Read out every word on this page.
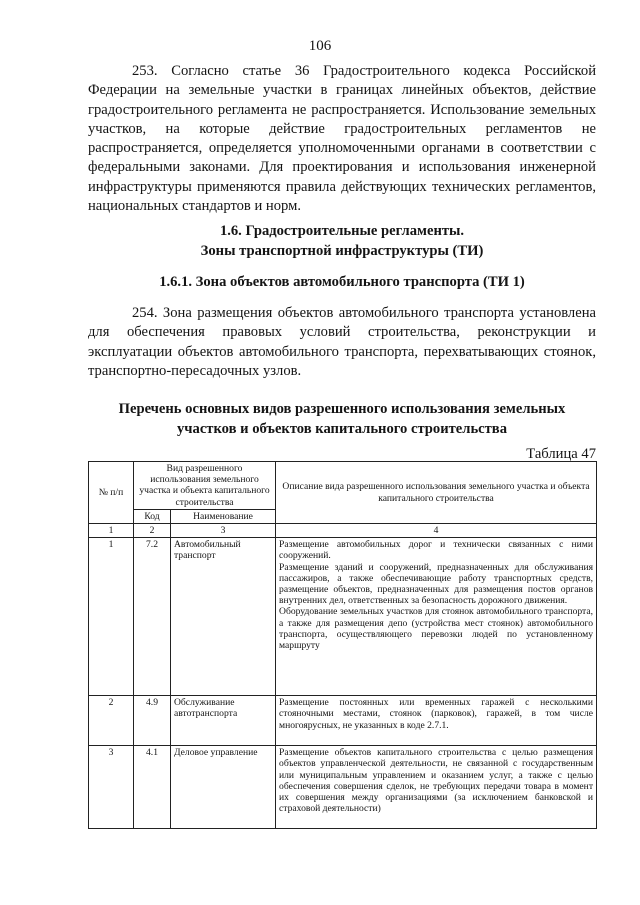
106
253. Согласно статье 36 Градостроительного кодекса Российской Федерации на земельные участки в границах линейных объектов, действие градостроительного регламента не распространяется. Использование земельных участков, на которые действие градостроительных регламентов не распространяется, определяется уполномоченными органами в соответствии с федеральными законами. Для проектирования и использования инженерной инфраструктуры применяются правила действующих технических регламентов, национальных стандартов и норм.
1.6. Градостроительные регламенты.
Зоны транспортной инфраструктуры (ТИ)
1.6.1. Зона объектов автомобильного транспорта (ТИ 1)
254. Зона размещения объектов автомобильного транспорта установлена для обеспечения правовых условий строительства, реконструкции и эксплуатации объектов автомобильного транспорта, перехватывающих стоянок, транспортно-пересадочных узлов.
Перечень основных видов разрешенного использования земельных
участков и объектов капитального строительства
Таблица 47
№ п/п	Вид разрешенного использования земельного участка и объекта капитального строительства		Описание вида разрешенного использования земельного участка и объекта капитального строительства
	Код	Наименование	
1	2	3	4
1	7.2	Автомобильный транспорт	Размещение автомобильных дорог и технически связанных с ними сооружений.
Размещение зданий и сооружений, предназначенных для обслуживания пассажиров, а также обеспечивающие работу транспортных средств, размещение объектов, предназначенных для размещения постов органов внутренних дел, ответственных за безопасность дорожного движения.
Оборудование земельных участков для стоянок автомобильного транспорта, а также для размещения депо (устройства мест стоянок) автомобильного транспорта, осуществляющего перевозки людей по установленному маршруту
2	4.9	Обслуживание автотранспорта	Размещение постоянных или временных гаражей с несколькими стояночными местами, стоянок (парковок), гаражей, в том числе многоярусных, не указанных в коде 2.7.1.
3	4.1	Деловое управление	Размещение объектов капитального строительства с целью размещения объектов управленческой деятельности, не связанной с государственным или муниципальным управлением и оказанием услуг, а также с целью обеспечения совершения сделок, не требующих передачи товара в момент их совершения между организациями (за исключением банковской и страховой деятельности)
